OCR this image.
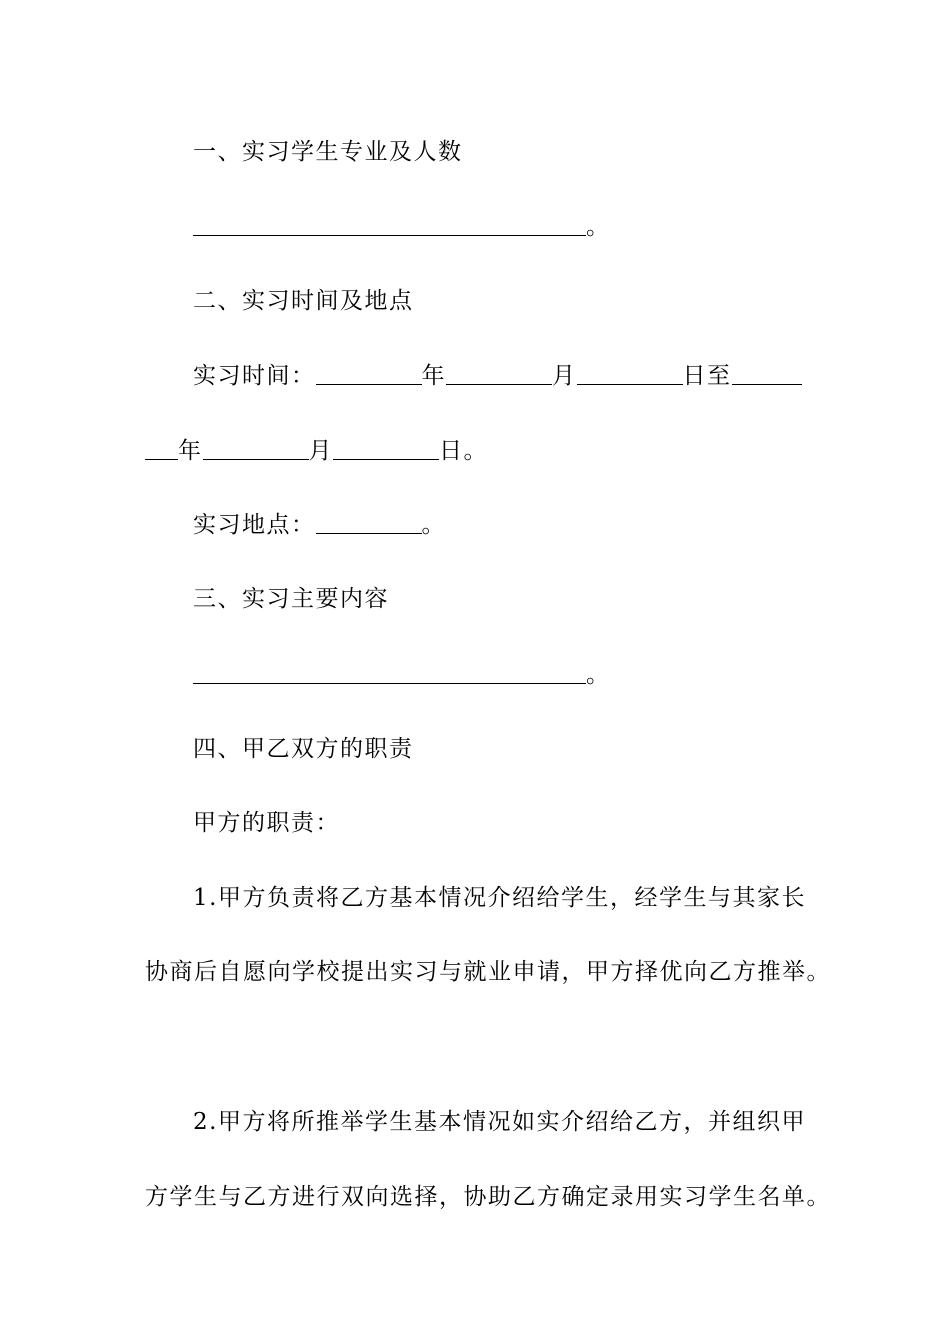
一、实习学生专业及人数

。

二、实习时间及地点

实习时间：	年	月	日至

年	月	日。

实习地点：	。

三、实习主要内容

。

四、甲乙双方的职责

甲方的职责：

1.甲方负责将乙方基本情况介绍给学生，经学生与其家长

协商后自愿向学校提出实习与就业申请，甲方择优向乙方推举。

2.甲方将所推举学生基本情况如实介绍给乙方，并组织甲

方学生与乙方进行双向选择，协助乙方确定录用实习学生名单。
